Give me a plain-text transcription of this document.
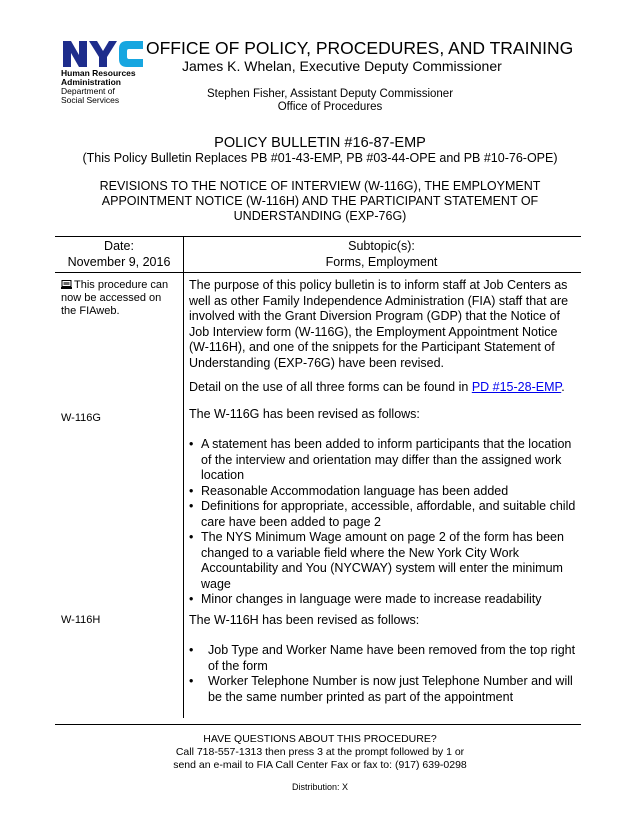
Human Resources
Administration
Department of
Social Services
OFFICE OF POLICY, PROCEDURES, AND TRAINING
James K. Whelan, Executive Deputy Commissioner
Stephen Fisher, Assistant Deputy Commissioner
Office of Procedures
POLICY BULLETIN #16-87-EMP
(This Policy Bulletin Replaces PB #01-43-EMP, PB #03-44-OPE and PB #10-76-OPE)
REVISIONS TO THE NOTICE OF INTERVIEW (W-116G), THE EMPLOYMENT APPOINTMENT NOTICE (W-116H) AND THE PARTICIPANT STATEMENT OF UNDERSTANDING (EXP-76G)
Date:
November 9, 2016
Subtopic(s):
Forms, Employment
This procedure can now be accessed on the FIAweb.
W-116G
W-116H

The purpose of this policy bulletin is to inform staff at Job Centers as well as other Family Independence Administration (FIA) staff that are involved with the Grant Diversion Program (GDP) that the Notice of Job Interview form (W-116G), the Employment Appointment Notice (W-116H), and one of the snippets for the Participant Statement of Understanding (EXP-76G) have been revised.

Detail on the use of all three forms can be found in PD #15-28-EMP.

The W-116G has been revised as follows:
• A statement has been added to inform participants that the location of the interview and orientation may differ than the assigned work location
• Reasonable Accommodation language has been added
• Definitions for appropriate, accessible, affordable, and suitable child care have been added to page 2
• The NYS Minimum Wage amount on page 2 of the form has been changed to a variable field where the New York City Work Accountability and You (NYCWAY) system will enter the minimum wage
• Minor changes in language were made to increase readability
The W-116H has been revised as follows:
• Job Type and Worker Name have been removed from the top right of the form
• Worker Telephone Number is now just Telephone Number and will be the same number printed as part of the appointment
HAVE QUESTIONS ABOUT THIS PROCEDURE?
Call 718-557-1313 then press 3 at the prompt followed by 1 or
send an e-mail to FIA Call Center Fax or fax to: (917) 639-0298
Distribution: X
